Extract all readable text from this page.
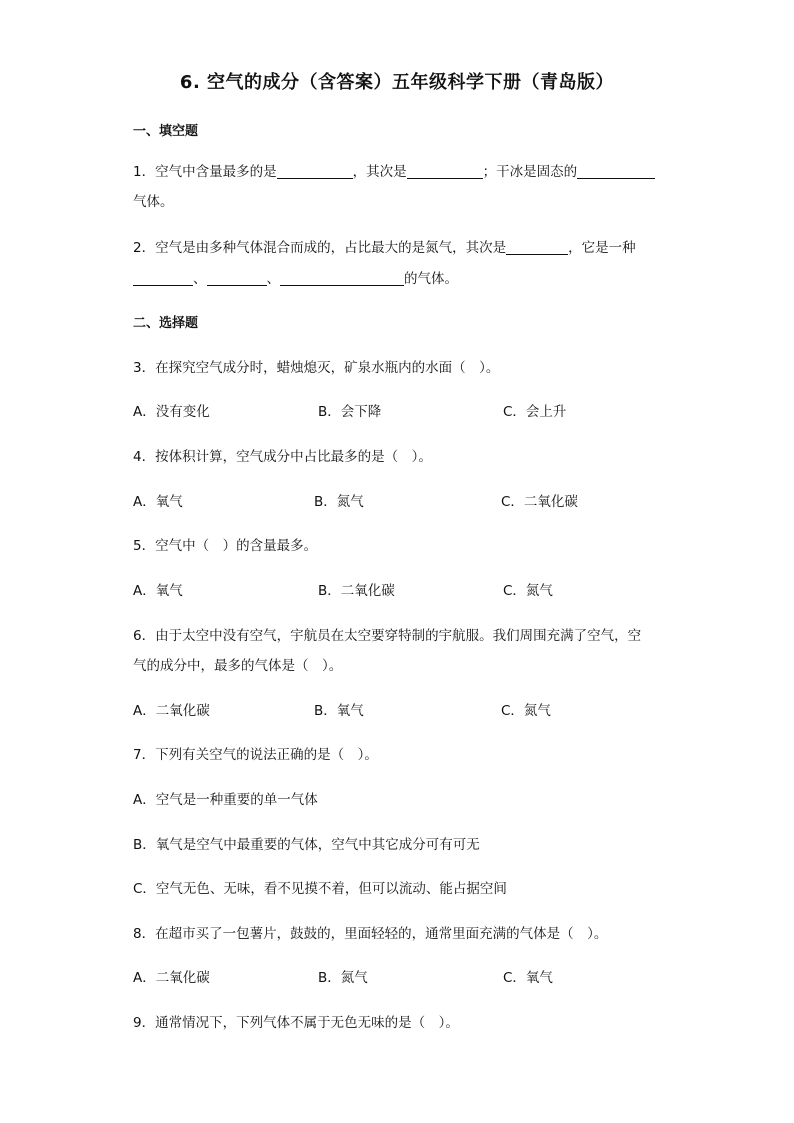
6. 空气的成分（含答案）五年级科学下册（青岛版）
一、填空题
1．空气中含量最多的是	，其次是	；干冰是固态的
气体。
2．空气是由多种气体混合而成的，占比最大的是氮气，其次是	，它是一种
、	、	的气体。
二、选择题
3．在探究空气成分时，蜡烛熄灭，矿泉水瓶内的水面（　）。
A．没有变化	B．会下降	C．会上升
4．按体积计算，空气成分中占比最多的是（　）。
A．氧气	B．氮气	C．二氧化碳
5．空气中（　）的含量最多。
A．氧气	B．二氧化碳	C．氮气
6．由于太空中没有空气，宇航员在太空要穿特制的宇航服。我们周围充满了空气，空
气的成分中，最多的气体是（　）。
A．二氧化碳	B．氧气	C．氮气
7．下列有关空气的说法正确的是（　）。
A．空气是一种重要的单一气体
B．氧气是空气中最重要的气体，空气中其它成分可有可无
C．空气无色、无味，看不见摸不着，但可以流动、能占据空间
8．在超市买了一包薯片，鼓鼓的，里面轻轻的，通常里面充满的气体是（　）。
A．二氧化碳	B．氮气	C．氧气
9．通常情况下，下列气体不属于无色无味的是（　）。
